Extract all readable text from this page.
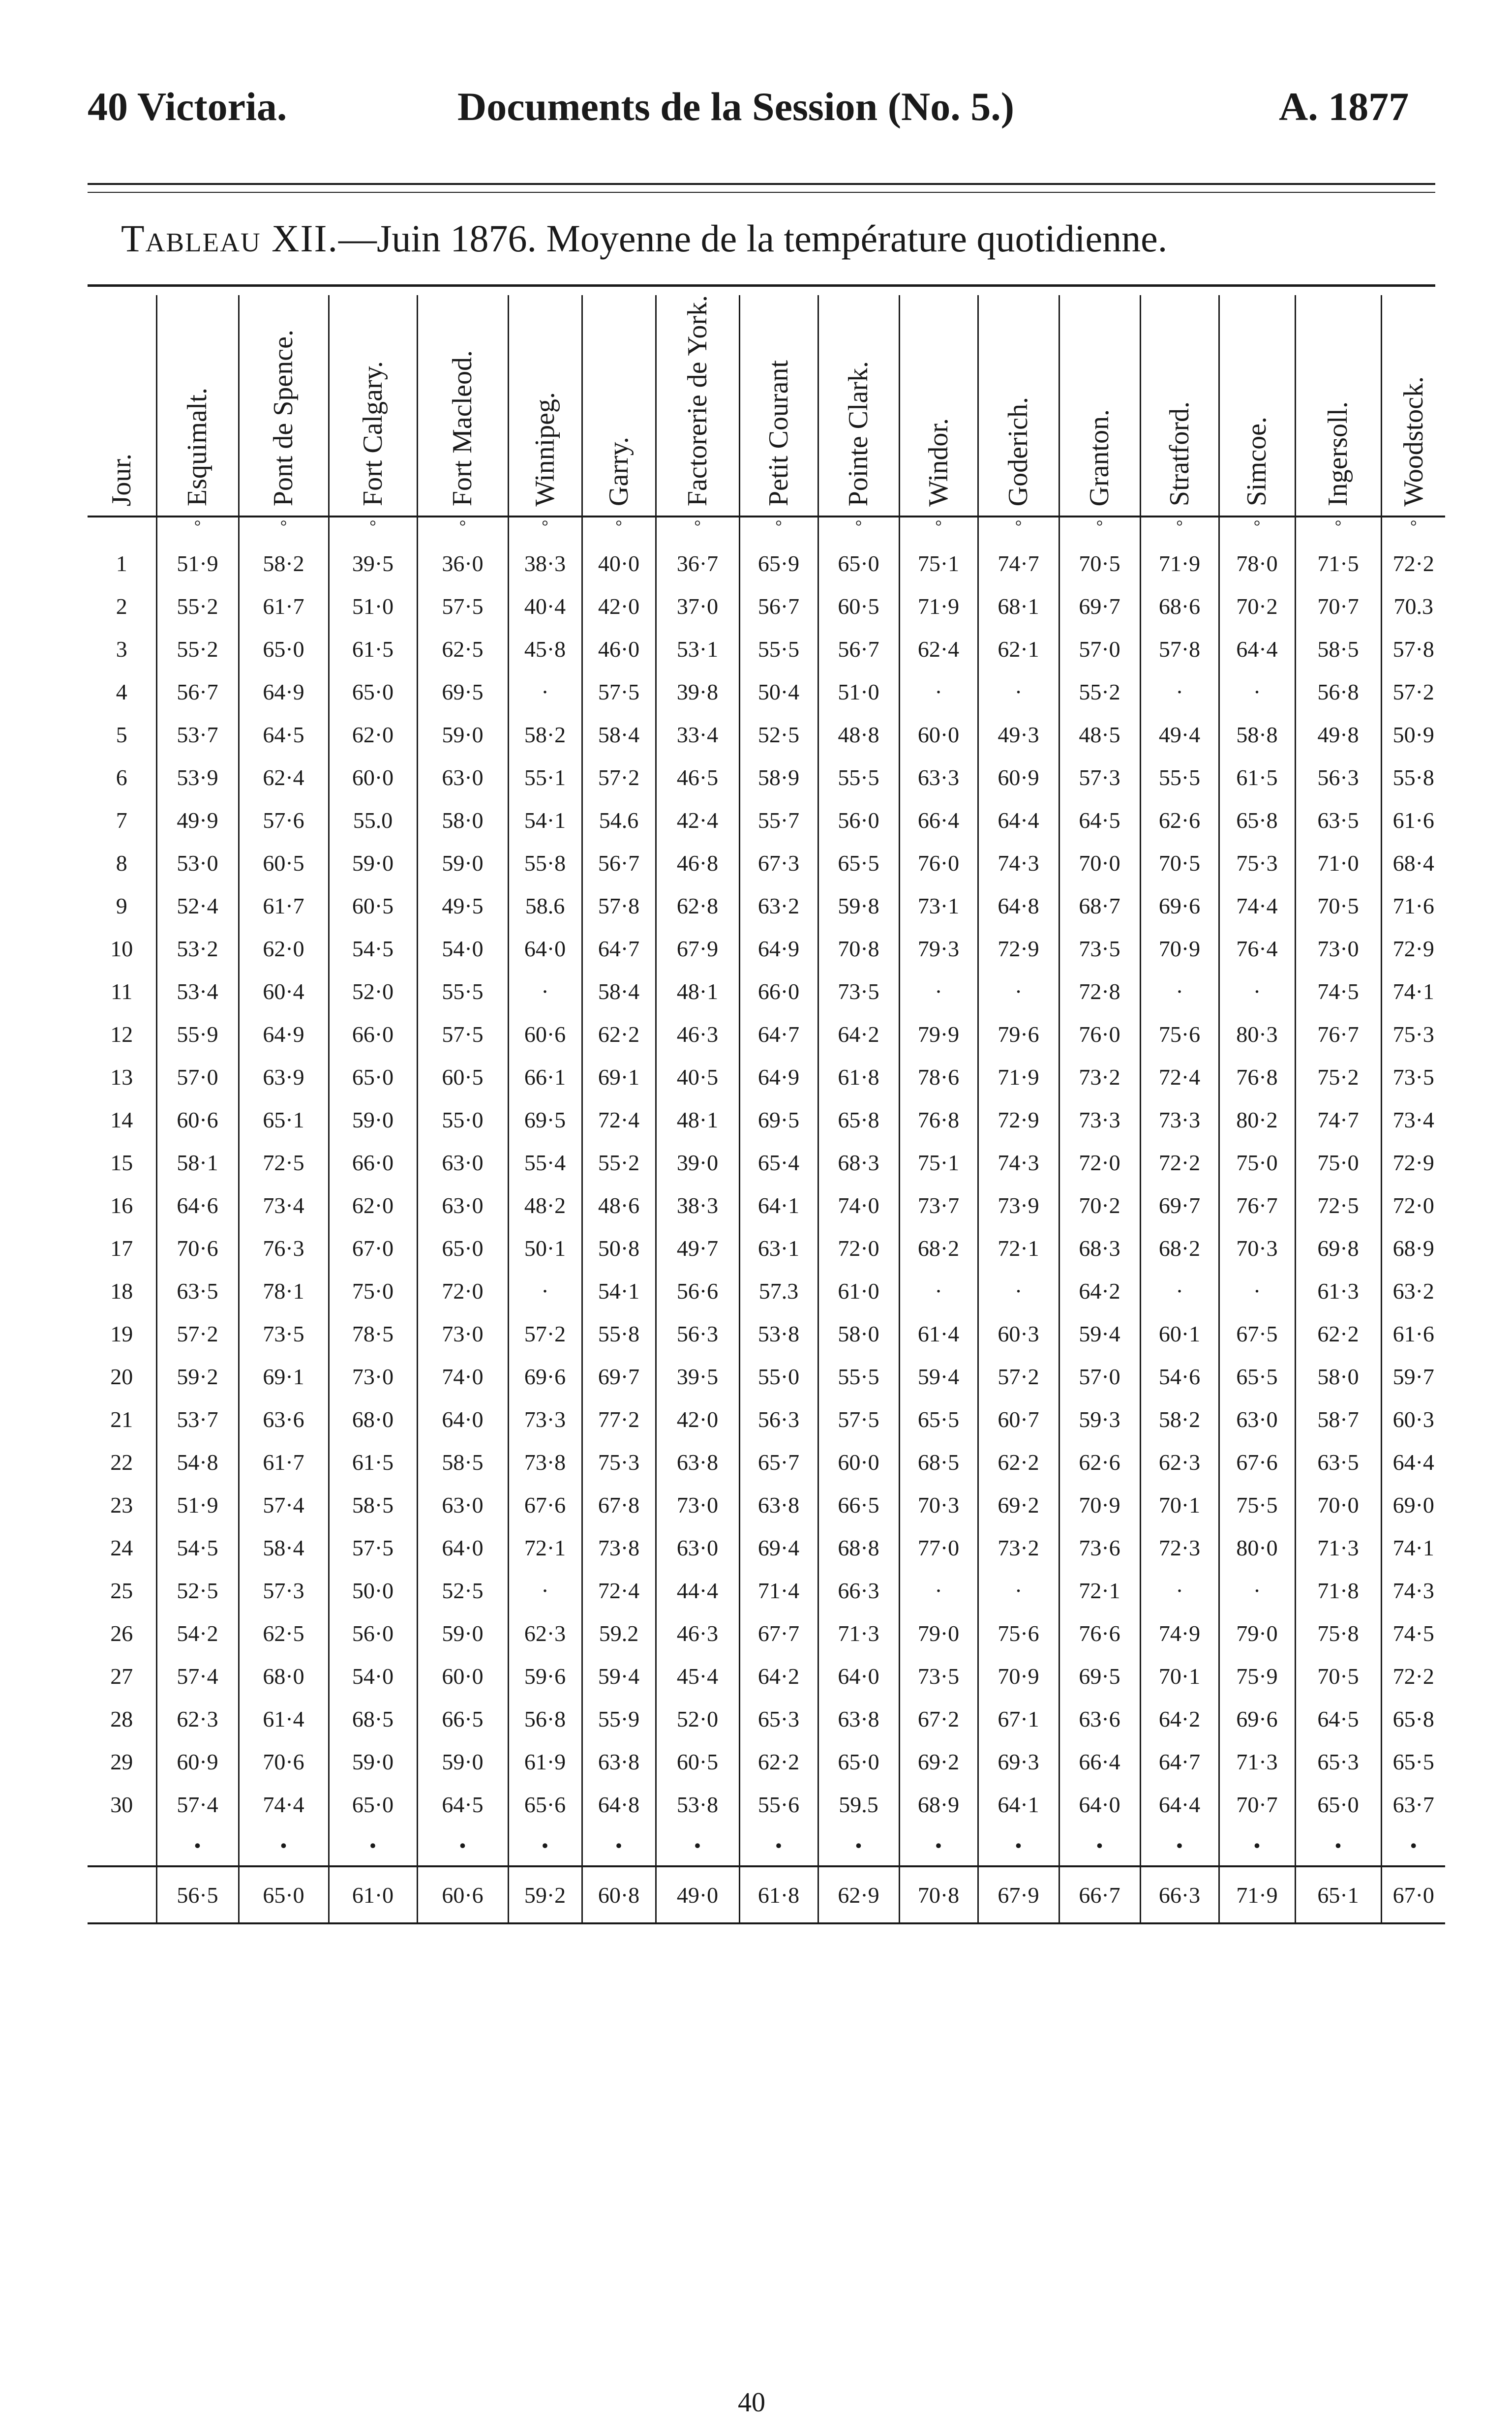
40 Victoria.	Documents de la Session (No. 5.)	A. 1877
Tableau XII.—Juin 1876. Moyenne de la température quotidienne.
Jour.	Esquimalt.	Pont de Spence.	Fort Calgary.	Fort Macleod.	Winnipeg.	Garry.	Factorerie de York.	Petit Courant	Pointe Clark.	Windor.	Goderich.	Granton.	Stratford.	Simcoe.	Ingersoll.	Woodstock.
	°	°	°	°	°	°	°	°	°	°	°	°	°	°	°	°
1	51·9	58·2	39·5	36·0	38·3	40·0	36·7	65·9	65·0	75·1	74·7	70·5	71·9	78·0	71·5	72·2
2	55·2	61·7	51·0	57·5	40·4	42·0	37·0	56·7	60·5	71·9	68·1	69·7	68·6	70·2	70·7	70.3
3	55·2	65·0	61·5	62·5	45·8	46·0	53·1	55·5	56·7	62·4	62·1	57·0	57·8	64·4	58·5	57·8
4	56·7	64·9	65·0	69·5	·	57·5	39·8	50·4	51·0	·	·	55·2	·	·	56·8	57·2
5	53·7	64·5	62·0	59·0	58·2	58·4	33·4	52·5	48·8	60·0	49·3	48·5	49·4	58·8	49·8	50·9
6	53·9	62·4	60·0	63·0	55·1	57·2	46·5	58·9	55·5	63·3	60·9	57·3	55·5	61·5	56·3	55·8
7	49·9	57·6	55.0	58·0	54·1	54.6	42·4	55·7	56·0	66·4	64·4	64·5	62·6	65·8	63·5	61·6
8	53·0	60·5	59·0	59·0	55·8	56·7	46·8	67·3	65·5	76·0	74·3	70·0	70·5	75·3	71·0	68·4
9	52·4	61·7	60·5	49·5	58.6	57·8	62·8	63·2	59·8	73·1	64·8	68·7	69·6	74·4	70·5	71·6
10	53·2	62·0	54·5	54·0	64·0	64·7	67·9	64·9	70·8	79·3	72·9	73·5	70·9	76·4	73·0	72·9
11	53·4	60·4	52·0	55·5	·	58·4	48·1	66·0	73·5	·	·	72·8	·	·	74·5	74·1
12	55·9	64·9	66·0	57·5	60·6	62·2	46·3	64·7	64·2	79·9	79·6	76·0	75·6	80·3	76·7	75·3
13	57·0	63·9	65·0	60·5	66·1	69·1	40·5	64·9	61·8	78·6	71·9	73·2	72·4	76·8	75·2	73·5
14	60·6	65·1	59·0	55·0	69·5	72·4	48·1	69·5	65·8	76·8	72·9	73·3	73·3	80·2	74·7	73·4
15	58·1	72·5	66·0	63·0	55·4	55·2	39·0	65·4	68·3	75·1	74·3	72·0	72·2	75·0	75·0	72·9
16	64·6	73·4	62·0	63·0	48·2	48·6	38·3	64·1	74·0	73·7	73·9	70·2	69·7	76·7	72·5	72·0
17	70·6	76·3	67·0	65·0	50·1	50·8	49·7	63·1	72·0	68·2	72·1	68·3	68·2	70·3	69·8	68·9
18	63·5	78·1	75·0	72·0	·	54·1	56·6	57.3	61·0	·	·	64·2	·	·	61·3	63·2
19	57·2	73·5	78·5	73·0	57·2	55·8	56·3	53·8	58·0	61·4	60·3	59·4	60·1	67·5	62·2	61·6
20	59·2	69·1	73·0	74·0	69·6	69·7	39·5	55·0	55·5	59·4	57·2	57·0	54·6	65·5	58·0	59·7
21	53·7	63·6	68·0	64·0	73·3	77·2	42·0	56·3	57·5	65·5	60·7	59·3	58·2	63·0	58·7	60·3
22	54·8	61·7	61·5	58·5	73·8	75·3	63·8	65·7	60·0	68·5	62·2	62·6	62·3	67·6	63·5	64·4
23	51·9	57·4	58·5	63·0	67·6	67·8	73·0	63·8	66·5	70·3	69·2	70·9	70·1	75·5	70·0	69·0
24	54·5	58·4	57·5	64·0	72·1	73·8	63·0	69·4	68·8	77·0	73·2	73·6	72·3	80·0	71·3	74·1
25	52·5	57·3	50·0	52·5	·	72·4	44·4	71·4	66·3	·	·	72·1	·	·	71·8	74·3
26	54·2	62·5	56·0	59·0	62·3	59.2	46·3	67·7	71·3	79·0	75·6	76·6	74·9	79·0	75·8	74·5
27	57·4	68·0	54·0	60·0	59·6	59·4	45·4	64·2	64·0	73·5	70·9	69·5	70·1	75·9	70·5	72·2
28	62·3	61·4	68·5	66·5	56·8	55·9	52·0	65·3	63·8	67·2	67·1	63·6	64·2	69·6	64·5	65·8
29	60·9	70·6	59·0	59·0	61·9	63·8	60·5	62·2	65·0	69·2	69·3	66·4	64·7	71·3	65·3	65·5
30	57·4	74·4	65·0	64·5	65·6	64·8	53·8	55·6	59.5	68·9	64·1	64·0	64·4	70·7	65·0	63·7
	·	·	·	·	·	·	·	·	·	·	·	·	·	·	·	·
	56·5	65·0	61·0	60·6	59·2	60·8	49·0	61·8	62·9	70·8	67·9	66·7	66·3	71·9	65·1	67·0
40
